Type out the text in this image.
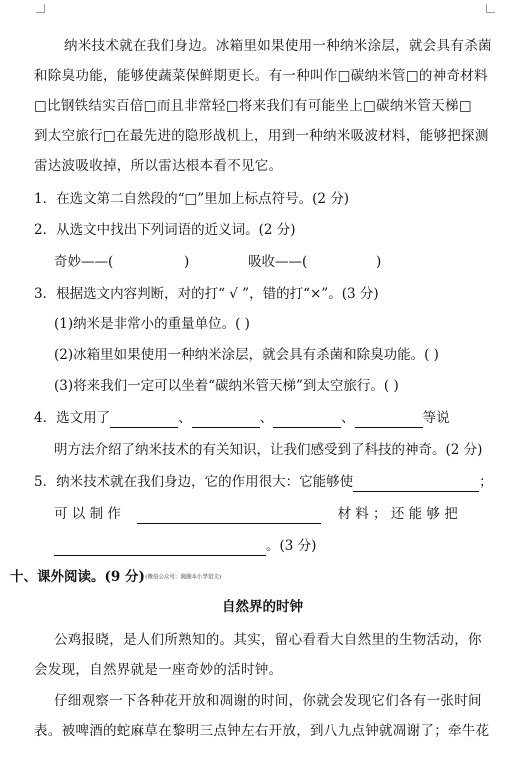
纳米技术就在我们身边。冰箱里如果使用一种纳米涂层，就会具有杀菌
和除臭功能，能够使蔬菜保鲜期更长。有一种叫作□碳纳米管□的神奇材料
□比钢铁结实百倍□而且非常轻□将来我们有可能坐上□碳纳米管天梯□
到太空旅行□在最先进的隐形战机上，用到一种纳米吸波材料，能够把探测
雷达波吸收掉，所以雷达根本看不见它。
1．在选文第二自然段的“□”里加上标点符号。(2 分)
2．从选文中找出下列词语的近义词。(2 分)
奇妙——(	)	吸收——(	)
3．根据选文内容判断，对的打“ √ ”，错的打“×”。(3 分)
(1)纳米是非常小的重量单位。( )
(2)冰箱里如果使用一种纳米涂层，就会具有杀菌和除臭功能。( )
(3)将来我们一定可以坐着“碳纳米管天梯”到太空旅行。( )
4．选文用了	、	、	、	等说
明方法介绍了纳米技术的有关知识，让我们感受到了科技的神奇。(2 分)
5．纳米技术就在我们身边，它的作用很大：它能够使	；
可 以 制 作	材 料 ； 还 能 够 把
。(3 分)
十、课外阅读。(9 分)(微信公众号：湘湘本小学语文)
自然界的时钟
公鸡报晓，是人们所熟知的。其实，留心看看大自然里的生物活动，你
会发现，自然界就是一座奇妙的活时钟。
仔细观察一下各种花开放和凋谢的时间，你就会发现它们各有一张时间
表。被啤酒的蛇麻草在黎明三点钟左右开放，到八九点钟就凋谢了；牵牛花
